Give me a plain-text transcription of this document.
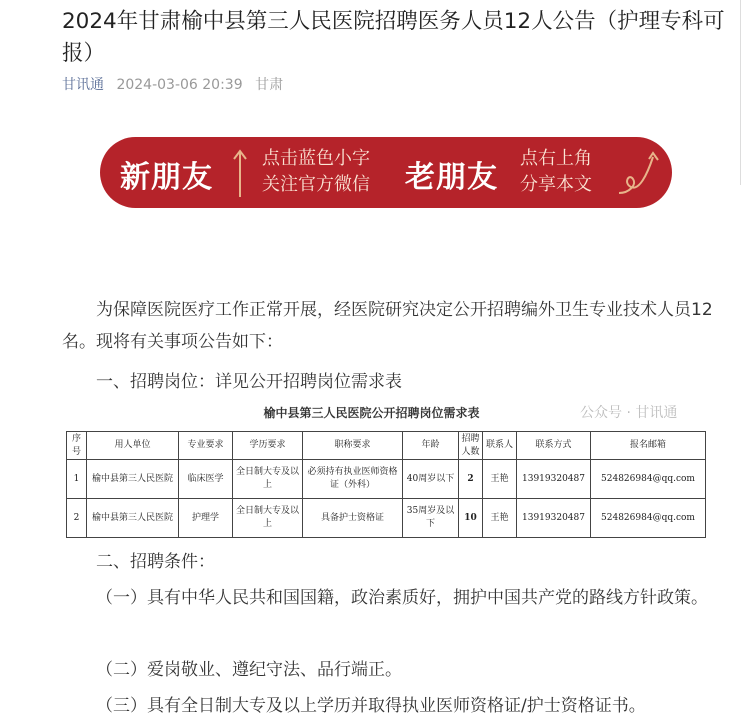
2024年甘肃榆中县第三人民医院招聘医务人员12人公告（护理专科可报）
甘讯通 2024-03-06 20:39 甘肃
新朋友
点击蓝色小字
关注官方微信 老朋友
点右上角
分享本文
为保障医院医疗工作正常开展，经医院研究决定公开招聘编外卫生专业技术人员12名。现将有关事项公告如下：
一、招聘岗位：详见公开招聘岗位需求表
榆中县第三人民医院公开招聘岗位需求表	公众号 · 甘讯通
序号	用人单位	专业要求	学历要求	职称要求	年龄	招聘人数	联系人	联系方式	报名邮箱
1	榆中县第三人民医院	临床医学	全日制大专及以上	必须持有执业医师资格证（外科）	40周岁以下	2	王艳	13919320487	524826984@qq.com
2	榆中县第三人民医院	护理学	全日制大专及以上	具备护士资格证	35周岁及以下	10	王艳	13919320487	524826984@qq.com
二、招聘条件：
（一）具有中华人民共和国国籍，政治素质好，拥护中国共产党的路线方针政策。
（二）爱岗敬业、遵纪守法、品行端正。
（三）具有全日制大专及以上学历并取得执业医师资格证/护士资格证书。
